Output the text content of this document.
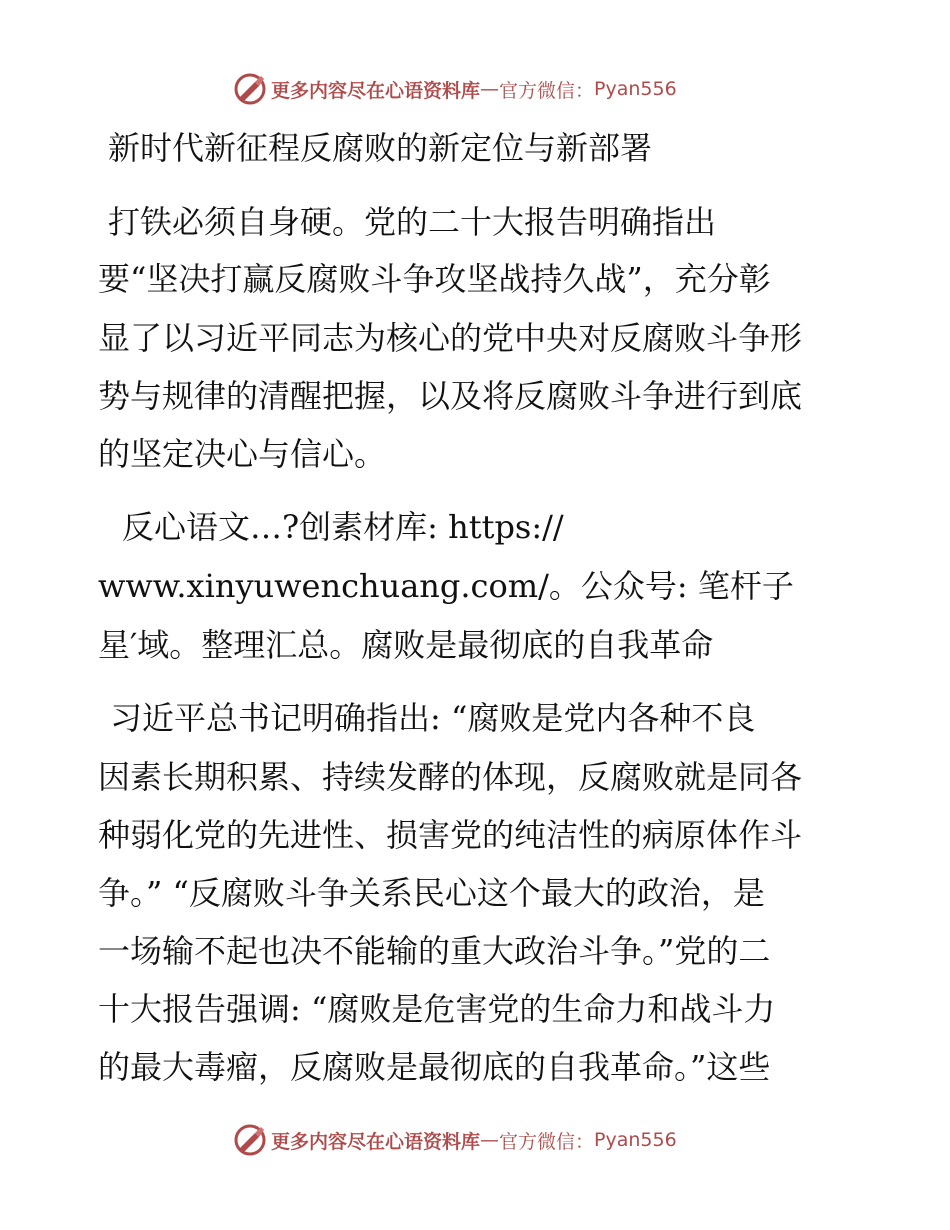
更多内容尽在心语资料库 — 官方微信： Pyan556
新时代新征程反腐败的新定位与新部署
打铁必须自身硬。党的二十大报告明确指出
要“坚决打赢反腐败斗争攻坚战持久战”，充分彰
显了以习近平同志为核心的党中央对反腐败斗争形
势与规律的清醒把握，以及将反腐败斗争进行到底
的坚定决心与信心。
反心语文…?创素材库: https://
www.xinyuwenchuang.com/。公众号: 笔杆子
星′域。整理汇总。腐败是最彻底的自我革命
习近平总书记明确指出: “腐败是党内各种不良
因素长期积累、持续发酵的体现，反腐败就是同各
种弱化党的先进性、损害党的纯洁性的病原体作斗
争。” “反腐败斗争关系民心这个最大的政治，是
一场输不起也决不能输的重大政治斗争。”党的二
十大报告强调: “腐败是危害党的生命力和战斗力
的最大毒瘤，反腐败是最彻底的自我革命。”这些
更多内容尽在心语资料库 — 官方微信： Pyan556
